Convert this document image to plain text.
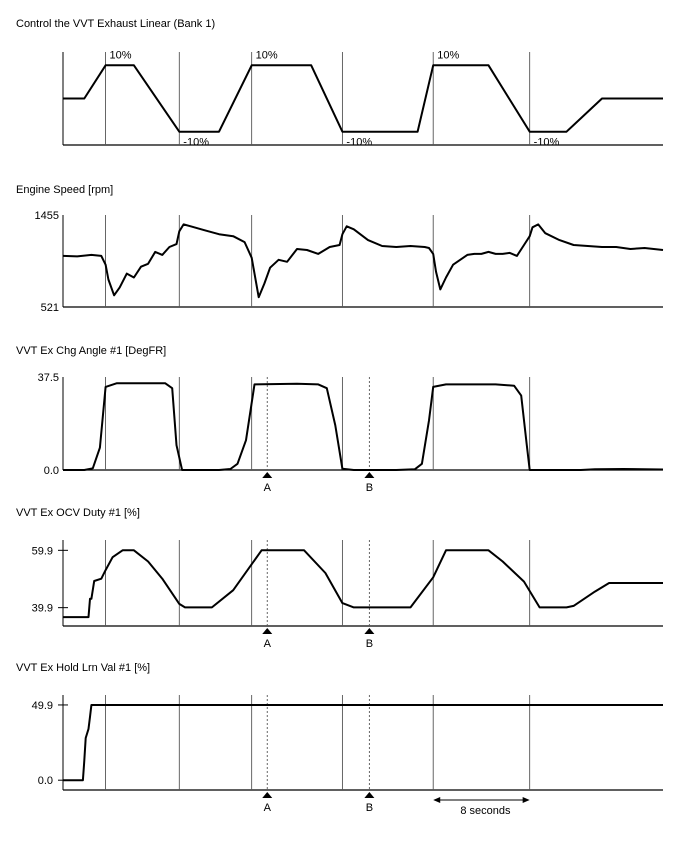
Control the VVT Exhaust Linear (Bank 1)
10%
-10%
10%
-10%
10%
-10%
Engine Speed [rpm]
1455
521
VVT Ex Chg Angle #1 [DegFR]
A	B
37.5
0.0
VVT Ex OCV Duty #1 [%]
A	B
59.9
39.9
VVT Ex Hold Lrn Val #1 [%]
A	B
49.9
0.0
8 seconds
